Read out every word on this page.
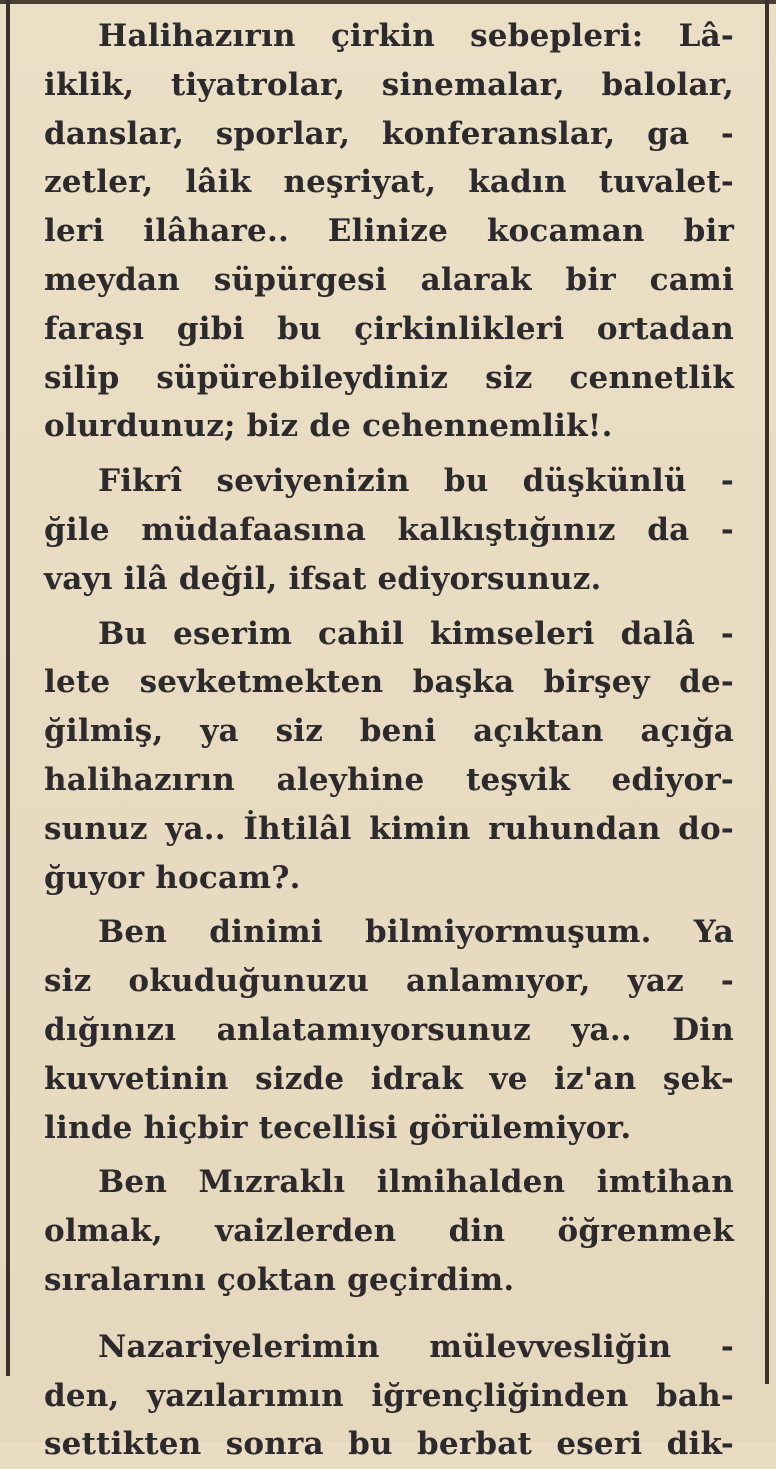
Halihazırın çirkin sebepleri: Lâ-
iklik, tiyatrolar, sinemalar, balolar,
danslar, sporlar, konferanslar, ga -
zetler, lâik neşriyat, kadın tuvalet-
leri ilâhare.. Elinize kocaman bir
meydan süpürgesi alarak bir cami
faraşı gibi bu çirkinlikleri ortadan
silip süpürebileydiniz siz cennetlik
olurdunuz; biz de cehennemlik!.
Fikrî seviyenizin bu düşkünlü -
ğile müdafaasına kalkıştığınız da -
vayı ilâ değil, ifsat ediyorsunuz.
Bu eserim cahil kimseleri dalâ -
lete sevketmekten başka birşey de-
ğilmiş, ya siz beni açıktan açığa
halihazırın aleyhine teşvik ediyor-
sunuz ya.. İhtilâl kimin ruhundan do-
ğuyor hocam?.
Ben dinimi bilmiyormuşum. Ya
siz okuduğunuzu anlamıyor, yaz -
dığınızı anlatamıyorsunuz ya.. Din
kuvvetinin sizde idrak ve iz'an şek-
linde hiçbir tecellisi görülemiyor.
Ben Mızraklı ilmihalden imtihan
olmak, vaizlerden din öğrenmek
sıralarını çoktan geçirdim.
Nazariyelerimin mülevvesliğin -
den, yazılarımın iğrençliğinden bah-
settikten sonra bu berbat eseri dik-
